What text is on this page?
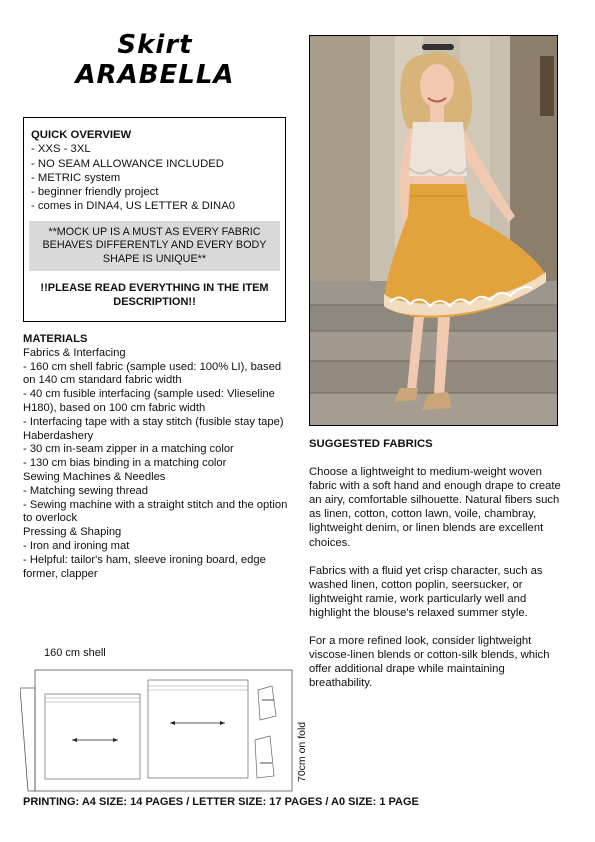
Skirt
ARABELLA
QUICK OVERVIEW
- XXS - 3XL
- NO SEAM ALLOWANCE INCLUDED
- METRIC system
- beginner friendly project
- comes in DINA4, US LETTER & DINA0
**MOCK UP IS A MUST AS EVERY FABRIC BEHAVES DIFFERENTLY AND EVERY BODY SHAPE IS UNIQUE**
!!PLEASE READ EVERYTHING IN THE ITEM DESCRIPTION!!
MATERIALS
Fabrics & Interfacing
- 160 cm shell fabric (sample used: 100% LI), based on 140 cm standard fabric width
- 40 cm fusible interfacing (sample used: Vlieseline H180), based on 100 cm fabric width
- Interfacing tape with a stay stitch (fusible stay tape)
Haberdashery
- 30 cm in-seam zipper in a matching color
- 130 cm bias binding in a matching color
Sewing Machines & Needles
- Matching sewing thread
- Sewing machine with a straight stitch and the option to overlock
Pressing & Shaping
- Iron and ironing mat
- Helpful: tailor's ham, sleeve ironing board, edge former, clapper
SUGGESTED FABRICS

Choose a lightweight to medium-weight woven fabric with a soft hand and enough drape to create an airy, comfortable silhouette. Natural fibers such as linen, cotton, cotton lawn, voile, chambray, lightweight denim, or linen blends are excellent choices.

Fabrics with a fluid yet crisp character, such as washed linen, cotton poplin, seersucker, or lightweight ramie, work particularly well and highlight the blouse's relaxed summer style.

For a more refined look, consider lightweight viscose-linen blends or cotton-silk blends, which offer additional drape while maintaining breathability.

160 cm shell
70cm on fold
PRINTING: A4 SIZE: 14 PAGES / LETTER SIZE: 17 PAGES / A0 SIZE: 1 PAGE
